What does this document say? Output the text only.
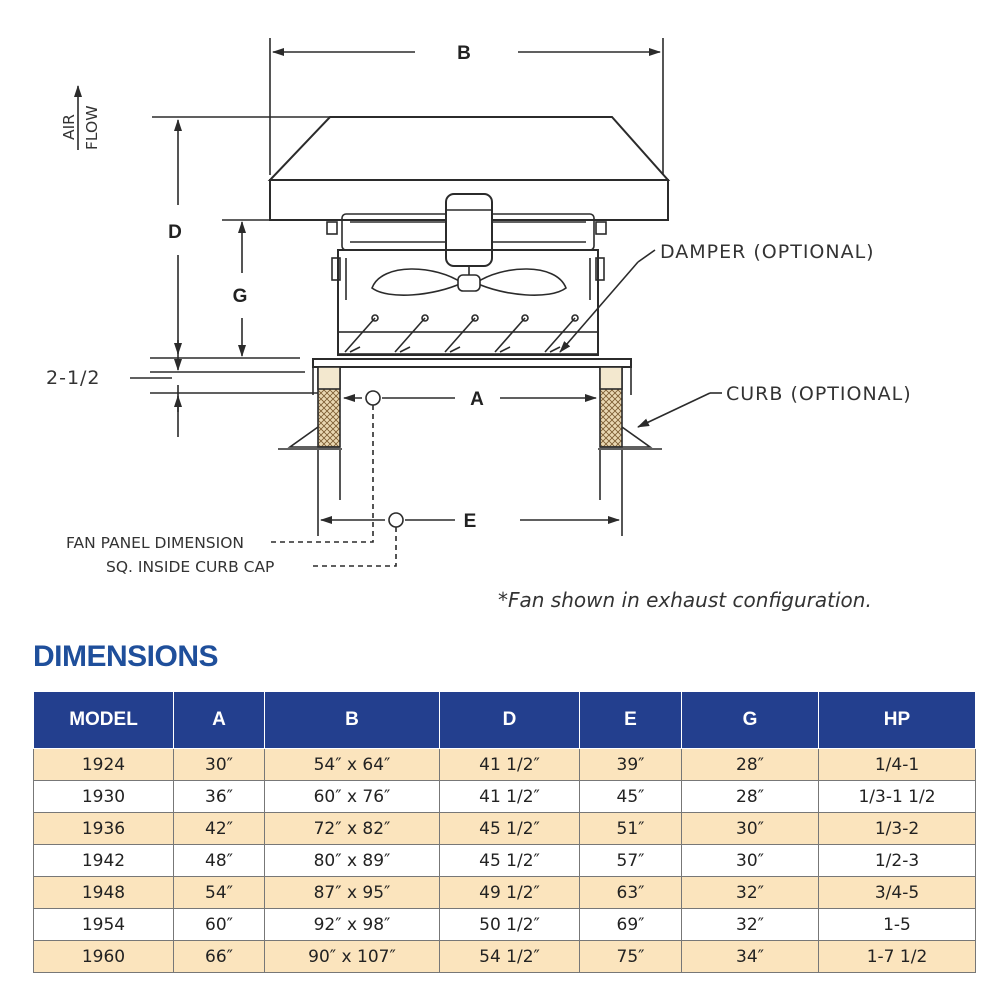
B
D
G
A
E
AIR FLOW
2-1/2
DAMPER (OPTIONAL)
CURB (OPTIONAL)
FAN PANEL DIMENSION
SQ. INSIDE CURB CAP
*Fan shown in exhaust configuration.
DIMENSIONS
MODEL	A	B	D	E	G	HP
1924	30″	54″ x 64″	41 1/2″	39″	28″	1/4-1
1930	36″	60″ x 76″	41 1/2″	45″	28″	1/3-1 1/2
1936	42″	72″ x 82″	45 1/2″	51″	30″	1/3-2
1942	48″	80″ x 89″	45 1/2″	57″	30″	1/2-3
1948	54″	87″ x 95″	49 1/2″	63″	32″	3/4-5
1954	60″	92″ x 98″	50 1/2″	69″	32″	1-5
1960	66″	90″ x 107″	54 1/2″	75″	34″	1-7 1/2
